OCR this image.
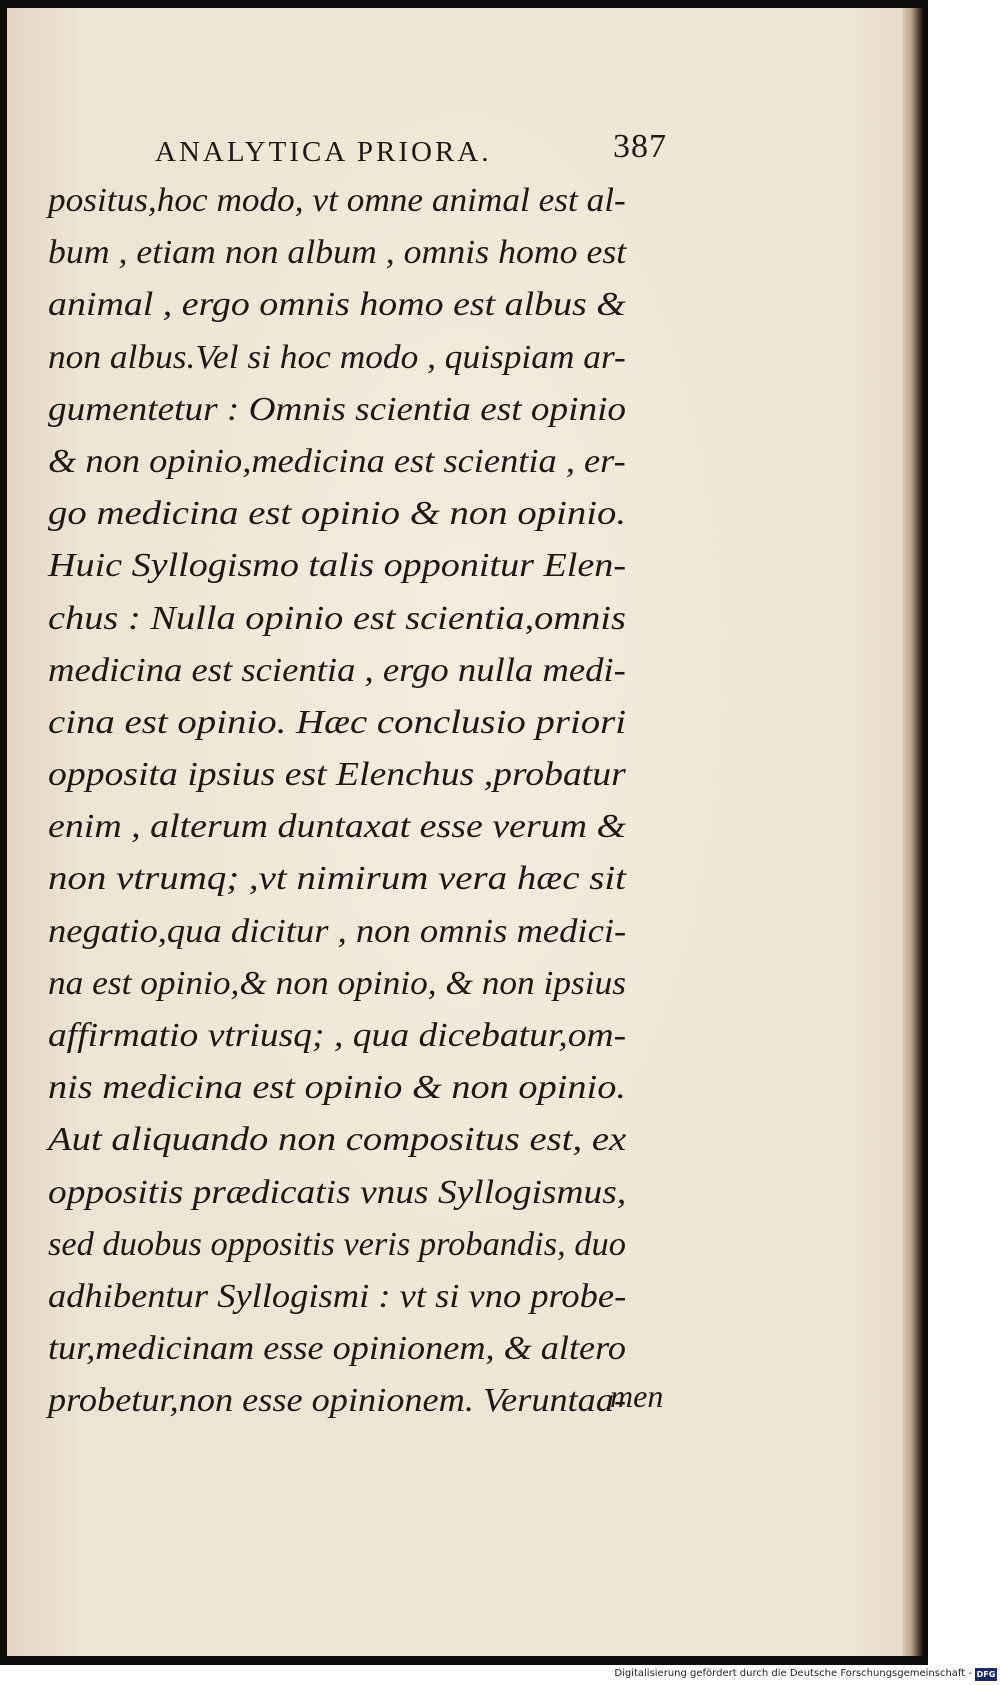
ANALYTICA PRIORA.	387
positus,hoc modo, vt omne animal est al-
bum , etiam non album , omnis homo est
animal , ergo omnis homo est albus &
non albus.Vel si hoc modo , quispiam ar-
gumentetur : Omnis scientia est opinio
& non opinio,medicina est scientia , er-
go medicina est opinio & non opinio.
Huic Syllogismo talis opponitur Elen-
chus : Nulla opinio est scientia,omnis
medicina est scientia , ergo nulla medi-
cina est opinio. Hæc conclusio priori
opposita ipsius est Elenchus ,probatur
enim , alterum duntaxat esse verum &
non vtrumq; ,vt nimirum vera hæc sit
negatio,qua dicitur , non omnis medici-
na est opinio,& non opinio, & non ipsius
affirmatio vtriusq; , qua dicebatur,om-
nis medicina est opinio & non opinio.
Aut aliquando non compositus est, ex
oppositis prædicatis vnus Syllogismus,
sed duobus oppositis veris probandis, duo
adhibentur Syllogismi : vt si vno probe-
tur,medicinam esse opinionem, & altero
probetur,non esse opinionem. Veruntaa-
men
Digitalisierung gefördert durch die Deutsche Forschungsgemeinschaft - DFG
